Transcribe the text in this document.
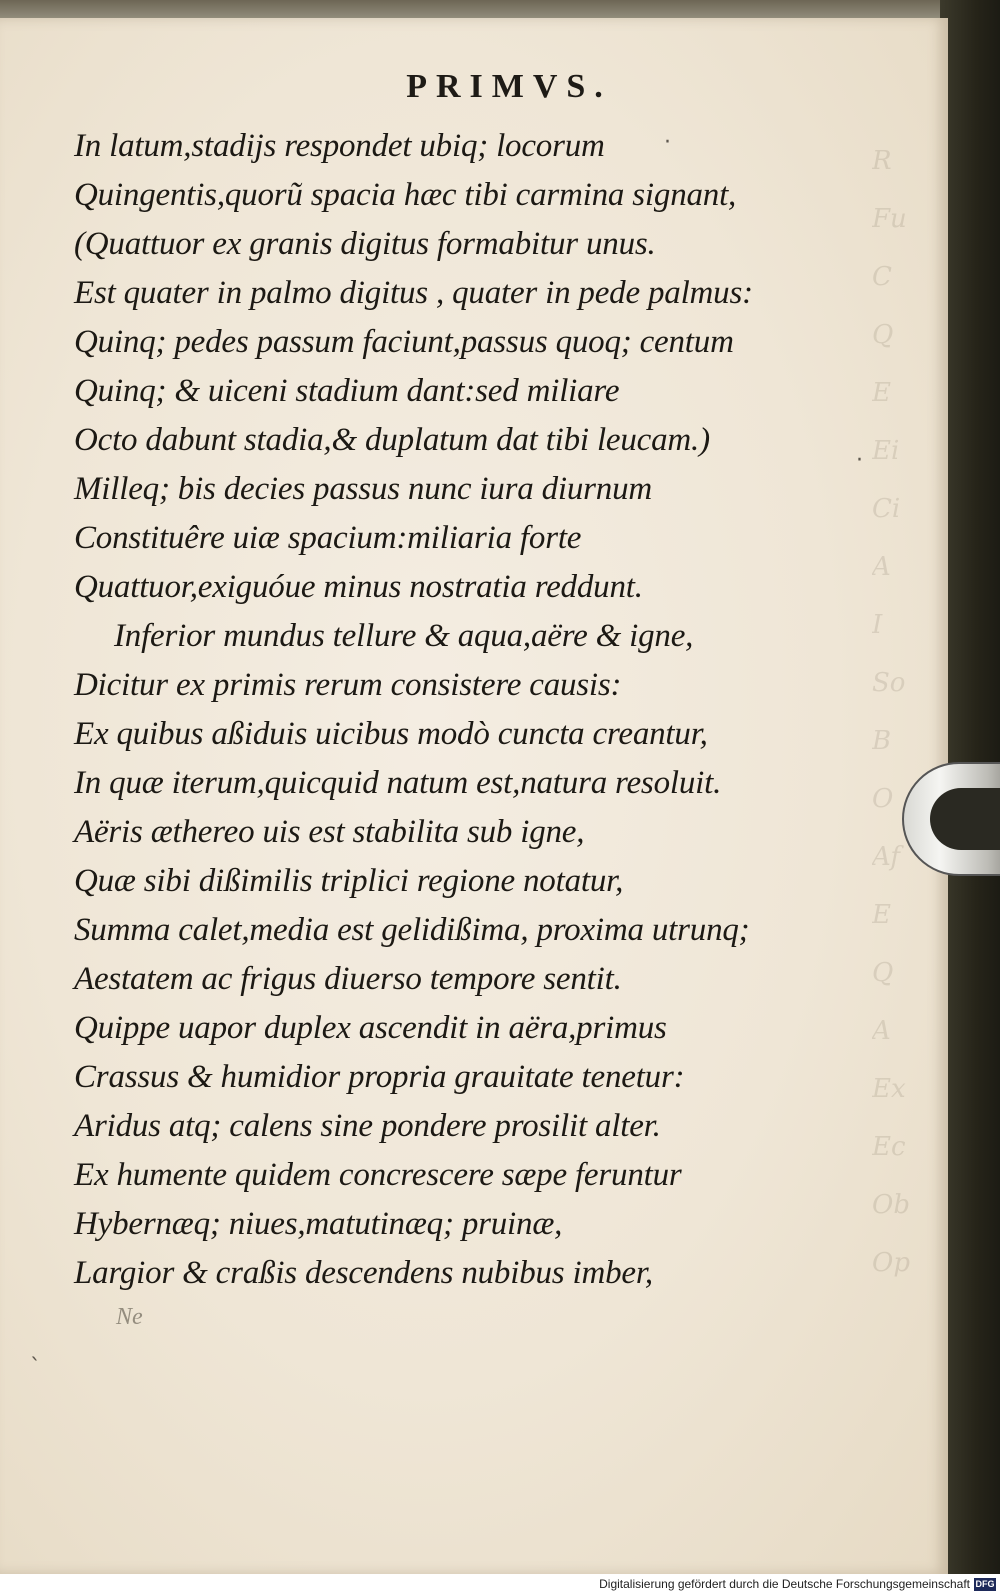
R
Fu
C
Q
E
Ei
Ci
A
I
So
B
O
Af
E
Q
A
Ex
Ec
Ob
Op
PRIMVS.
In latum,stadijs respondet ubiq; locorum
Quingentis,quorũ spacia hæc tibi carmina signant,
(Quattuor ex granis digitus formabitur unus.
Est quater in palmo digitus , quater in pede palmus:
Quinq; pedes passum faciunt,passus quoq; centum
Quinq; & uiceni stadium dant:sed miliare
Octo dabunt stadia,& duplatum dat tibi leucam.)
Milleq; bis decies passus nunc iura diurnum
Constituêre uiæ spacium:miliaria forte
Quattuor,exiguóue minus nostratia reddunt.
Inferior mundus tellure & aqua,aëre & igne,
Dicitur ex primis rerum consistere causis:
Ex quibus aßiduis uicibus modò cuncta creantur,
In quæ iterum,quicquid natum est,natura resoluit.
Aëris æthereo uis est stabilita sub igne,
Quæ sibi dißimilis triplici regione notatur,
Summa calet,media est gelidißima, proxima utrunq;
Aestatem ac frigus diuerso tempore sentit.
Quippe uapor duplex ascendit in aëra,primus
Crassus & humidior propria grauitate tenetur:
Aridus atq; calens sine pondere prosilit alter.
Ex humente quidem concrescere sæpe feruntur
Hybernæq; niues,matutinæq; pruinæ,
Largior & craßis descendens nubibus imber,
Ne
·
·
ˎ
Digitalisierung gefördert durch die Deutsche Forschungsgemeinschaft DFG
